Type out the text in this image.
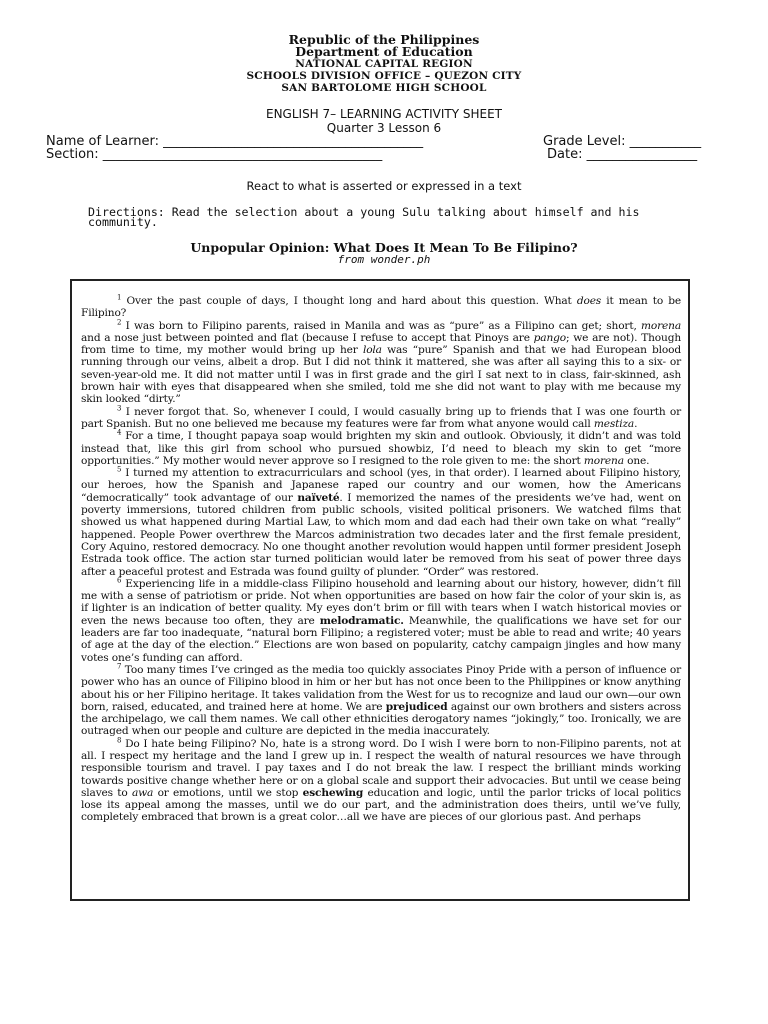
Republic of the Philippines
Department of Education
NATIONAL CAPITAL REGION
SCHOOLS DIVISION OFFICE – QUEZON CITY
SAN BARTOLOME HIGH SCHOOL
ENGLISH 7– LEARNING ACTIVITY SHEET
Quarter 3 Lesson 6
Name of Learner: ________________________________________	Grade Level: ___________
Section: ___________________________________________	Date: _________________
React to what is asserted or expressed in a text
Directions: Read the selection about a young Sulu talking about himself and his community.
Unpopular Opinion: What Does It Mean To Be Filipino?
from wonder.ph

$^1$ Over the past couple of days, I thought long and hard about this question. What does it mean to be Filipino?

$^2$ I was born to Filipino parents, raised in Manila and was as “pure” as a Filipino can get; short, morena and a nose just between pointed and flat (because I refuse to accept that Pinoys are pango; we are not). Though from time to time, my mother would bring up her lola was “pure” Spanish and that we had European blood running through our veins, albeit a drop. But I did not think it mattered, she was after all saying this to a six- or seven-year-old me. It did not matter until I was in first grade and the girl I sat next to in class, fair-skinned, ash brown hair with eyes that disappeared when she smiled, told me she did not want to play with me because my skin looked “dirty.”

$^3$ I never forgot that. So, whenever I could, I would casually bring up to friends that I was one fourth or part Spanish. But no one believed me because my features were far from what anyone would call mestiza.

$^4$ For a time, I thought papaya soap would brighten my skin and outlook. Obviously, it didn’t and was told instead that, like this girl from school who pursued showbiz, I’d need to bleach my skin to get “more opportunities.” My mother would never approve so I resigned to the role given to me: the short morena one.

$^5$ I turned my attention to extracurriculars and school (yes, in that order). I learned about Filipino history, our heroes, how the Spanish and Japanese raped our country and our women, how the Americans “democratically” took advantage of our naïveté. I memorized the names of the presidents we’ve had, went on poverty immersions, tutored children from public schools, visited political prisoners. We watched films that showed us what happened during Martial Law, to which mom and dad each had their own take on what “really” happened. People Power overthrew the Marcos administration two decades later and the first female president, Cory Aquino, restored democracy. No one thought another revolution would happen until former president Joseph Estrada took office. The action star turned politician would later be removed from his seat of power three days after a peaceful protest and Estrada was found guilty of plunder. “Order” was restored.

$^6$ Experiencing life in a middle-class Filipino household and learning about our history, however, didn’t fill me with a sense of patriotism or pride. Not when opportunities are based on how fair the color of your skin is, as if lighter is an indication of better quality. My eyes don’t brim or fill with tears when I watch historical movies or even the news because too often, they are melodramatic. Meanwhile, the qualifications we have set for our leaders are far too inadequate, “natural born Filipino; a registered voter; must be able to read and write; 40 years of age at the day of the election.” Elections are won based on popularity, catchy campaign jingles and how many votes one’s funding can afford.

$^7$ Too many times I’ve cringed as the media too quickly associates Pinoy Pride with a person of influence or power who has an ounce of Filipino blood in him or her but has not once been to the Philippines or know anything about his or her Filipino heritage. It takes validation from the West for us to recognize and laud our own—our own born, raised, educated, and trained here at home. We are prejudiced against our own brothers and sisters across the archipelago, we call them names. We call other ethnicities derogatory names “jokingly,” too. Ironically, we are outraged when our people and culture are depicted in the media inaccurately.

$^8$ Do I hate being Filipino? No, hate is a strong word. Do I wish I were born to non-Filipino parents, not at all. I respect my heritage and the land I grew up in. I respect the wealth of natural resources we have through responsible tourism and travel. I pay taxes and I do not break the law. I respect the brilliant minds working towards positive change whether here or on a global scale and support their advocacies. But until we cease being slaves to awa or emotions, until we stop eschewing education and logic, until the parlor tricks of local politics lose its appeal among the masses, until we do our part, and the administration does theirs, until we’ve fully, completely embraced that brown is a great color…all we have are pieces of our glorious past. And perhaps
